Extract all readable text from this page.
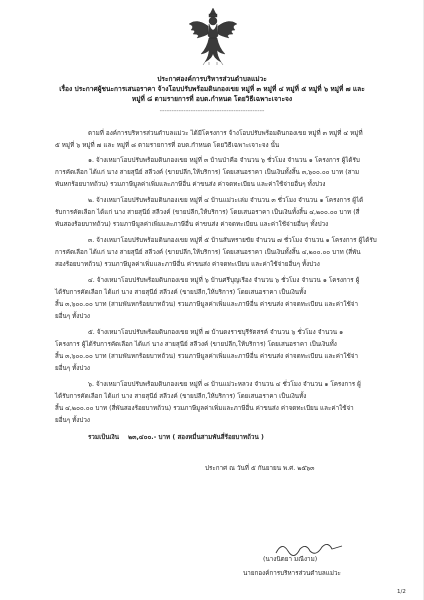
ประกาศองค์การบริหารส่วนตำบลแม่วะ
เรื่อง ประกาศผู้ชนะการเสนอราคา จ้างโอบปรับพร้อมดินกองเขย หมู่ที่ ๓ หมู่ที่ ๔ หมู่ที่ ๕ หมู่ที่ ๖ หมู่ที่ ๗ และ
หมู่ที่ ๘ ตามรายการที่ อบต.กำหนด โดยวิธีเฉพาะเจาะจง
--------------------------------------------
ตามที่ องค์การบริหารส่วนตำบลแม่วะ ได้มีโครงการ จ้างโอบปรับพร้อมดินกองเขย หมู่ที่ ๓ หมู่ที่ ๔ หมู่ที่
๕ หมู่ที่ ๖ หมู่ที่ ๗ และ หมู่ที่ ๘ ตามรายการที่ อบต.กำหนด โดยวิธีเฉพาะเจาะจง นั้น
๑. จ้างเหมาโอบปรับพร้อมดินกองเขย หมู่ที่ ๓ บ้านป่าคือ จำนวน ๖ ชั่วโมง จำนวน ๑ โครงการ ผู้ได้รับ
การคัดเลือก ได้แก่ นาง สายสุนีย์ สลีวงค์ (ขายปลีก,ให้บริการ) โดยเสนอราคา เป็นเงินทั้งสิ้น ๓,๖๐๐.๐๐ บาท (สาม
พันหกร้อยบาทถ้วน) รวมภาษีมูลค่าเพิ่มและภาษีอื่น ค่าขนส่ง ค่าจดทะเบียน และค่าใช้จ่ายอื่นๆ ทั้งปวง
๒. จ้างเหมาโอบปรับพร้อมดินกองเขย หมู่ที่ ๔ บ้านแม่วะเล่ม จำนวน ๓ ชั่วโมง จำนวน ๑ โครงการ ผู้ได้
รับการคัดเลือก ได้แก่ นาง สายสุนีย์ สลีวงค์ (ขายปลีก,ให้บริการ) โดยเสนอราคา เป็นเงินทั้งสิ้น ๔,๒๐๐.๐๐ บาท (สี่
พันสองร้อยบาทถ้วน) รวมภาษีมูลค่าเพิ่มและภาษีอื่น ค่าขนส่ง ค่าจดทะเบียน และค่าใช้จ่ายอื่นๆ ทั้งปวง
๓. จ้างเหมาโอบปรับพร้อมดินกองเขย หมู่ที่ ๕ บ้านสันทรายขัย จำนวน ๗ ชั่วโมง จำนวน ๑ โครงการ ผู้ได้รับ
การคัดเลือก ได้แก่ นาง สายสุนีย์ สลีวงค์ (ขายปลีก,ให้บริการ) โดยเสนอราคา เป็นเงินทั้งสิ้น ๔,๒๐๐.๐๐ บาท (สี่พัน
สองร้อยบาทถ้วน) รวมภาษีมูลค่าเพิ่มและภาษีอื่น ค่าขนส่ง ค่าจดทะเบียน และค่าใช้จ่ายอื่นๆ ทั้งปวง
๔. จ้างเหมาโอบปรับพร้อมดินกองเขย หมู่ที่ ๖ บ้านศรีบุญเรือง จำนวน ๖ ชั่วโมง จำนวน ๑ โครงการ ผู้
ได้รับการคัดเลือก ได้แก่ นาง สายสุนีย์ สลีวงค์ (ขายปลีก,ให้บริการ) โดยเสนอราคา เป็นเงินทั้ง
สิ้น ๓,๖๐๐.๐๐ บาท (สามพันหกร้อยบาทถ้วน) รวมภาษีมูลค่าเพิ่มและภาษีอื่น ค่าขนส่ง ค่าจดทะเบียน และค่าใช้จ่า
ยอื่นๆ ทั้งปวง
๕. จ้างเหมาโอบปรับพร้อมดินกองเขย หมู่ที่ ๗ บ้านดงราชบุรีรัตสรค์ จำนวน ๖ ชั่วโมง จำนวน ๑
โครงการ ผู้ได้รับการคัดเลือก ได้แก่ นาง สายสุนีย์ สลีวงค์ (ขายปลีก,ให้บริการ) โดยเสนอราคา เป็นเงินทั้ง
สิ้น ๓,๖๐๐.๐๐ บาท (สามพันหกร้อยบาทถ้วน) รวมภาษีมูลค่าเพิ่มและภาษีอื่น ค่าขนส่ง ค่าจดทะเบียน และค่าใช้จ่า
ยอื่นๆ ทั้งปวง
๖. จ้างเหมาโอบปรับพร้อมดินกองเขย หมู่ที่ ๘ บ้านแม่วะหลวง จำนวน ๔ ชั่วโมง จำนวน ๑ โครงการ ผู้
ได้รับการคัดเลือก ได้แก่ นาง สายสุนีย์ สลีวงค์ (ขายปลีก,ให้บริการ) โดยเสนอราคา เป็นเงินทั้ง
สิ้น ๔,๒๐๐.๐๐ บาท (สี่พันสองร้อยบาทถ้วน) รวมภาษีมูลค่าเพิ่มและภาษีอื่น ค่าขนส่ง ค่าจดทะเบียน และค่าใช้จ่า
ยอื่นๆ ทั้งปวง
รวมเป็นเงิน ๒๓,๔๐๐.- บาท ( สองหมื่นสามพันสี่ร้อยบาทถ้วน )
ประกาศ ณ วันที่ ๕ กันยายน พ.ศ. ๒๕๖๓
(นางนิตยา มณีงาม)
นายกองค์การบริหารส่วนตำบลแม่วะ
1/2
